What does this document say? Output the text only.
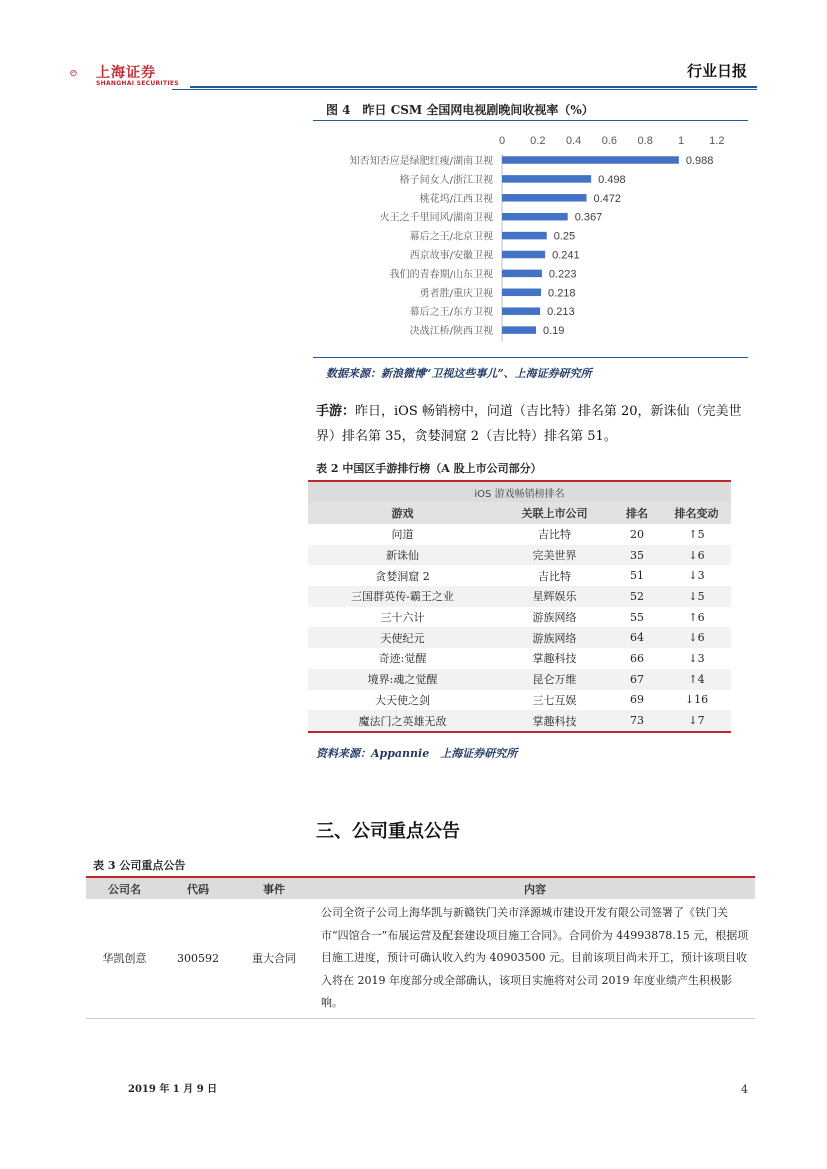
上海证券
SHANGHAI SECURITIES
行业日报
图 4　昨日 CSM 全国网电视剧晚间收视率（%）
0 0.2 0.4 0.6 0.8 1 1.2
知否知否应是绿肥红瘦/湖南卫视	0.988
格子间女人/浙江卫视	0.498
桃花坞/江西卫视	0.472
火王之千里同风/湖南卫视	0.367
幕后之王/北京卫视	0.25
西京故事/安徽卫视	0.241
我们的青春期/山东卫视	0.223
勇者胜/重庆卫视	0.218
幕后之王/东方卫视	0.213
决战江桥/陕西卫视	0.19
数据来源：新浪微博“卫视这些事儿”、上海证券研究所
手游：昨日，iOS 畅销榜中，问道（吉比特）排名第 20，新诛仙（完美世界）排名第 35，贪婪洞窟 2（吉比特）排名第 51。
表 2 中国区手游排行榜（A 股上市公司部分）
iOS 游戏畅销榜排名			
游戏	关联上市公司	排名	排名变动
问道	吉比特	20	↑5
新诛仙	完美世界	35	↓6
贪婪洞窟 2	吉比特	51	↓3
三国群英传-霸王之业	星辉娱乐	52	↓5
三十六计	游族网络	55	↑6
天使纪元	游族网络	64	↓6
奇迹:觉醒	掌趣科技	66	↓3
境界:魂之觉醒	昆仑万维	67	↑4
大天使之剑	三七互娱	69	↓16
魔法门之英雄无敌	掌趣科技	73	↓7
资料来源：Appannie　上海证券研究所
三、公司重点公告
表 3 公司重点公告
公司名	代码	事件	内容
华凯创意	300592	重大合同	公司全资子公司上海华凯与新赣铁门关市泽源城市建设开发有限公司签署了《铁门关市“四馆合一”布展运营及配套建设项目施工合同》。合同价为 44993878.15 元，根据项目施工进度，预计可确认收入约为 40903500 元。目前该项目尚未开工，预计该项目收入将在 2019 年度部分或全部确认，该项目实施将对公司 2019 年度业绩产生积极影响。
2019 年 1 月 9 日	4
